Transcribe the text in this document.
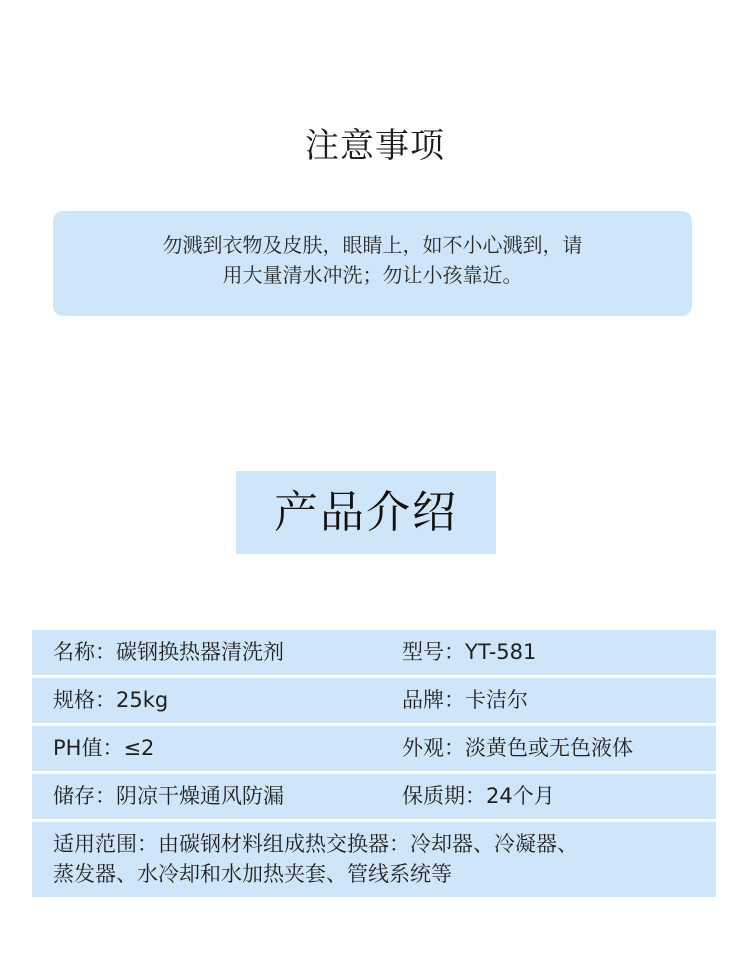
注意事项
勿溅到衣物及皮肤，眼睛上，如不小心溅到，请
用大量清水冲洗；勿让小孩靠近。
产品介绍
名称：碳钢换热器清洗剂	型号：YT-581
规格：25kg	品牌：卡洁尔
PH值：≤2	外观：淡黄色或无色液体
储存：阴凉干燥通风防漏	保质期：24个月
适用范围：由碳钢材料组成热交换器：冷却器、冷凝器、
蒸发器、水冷却和水加热夹套、管线系统等
